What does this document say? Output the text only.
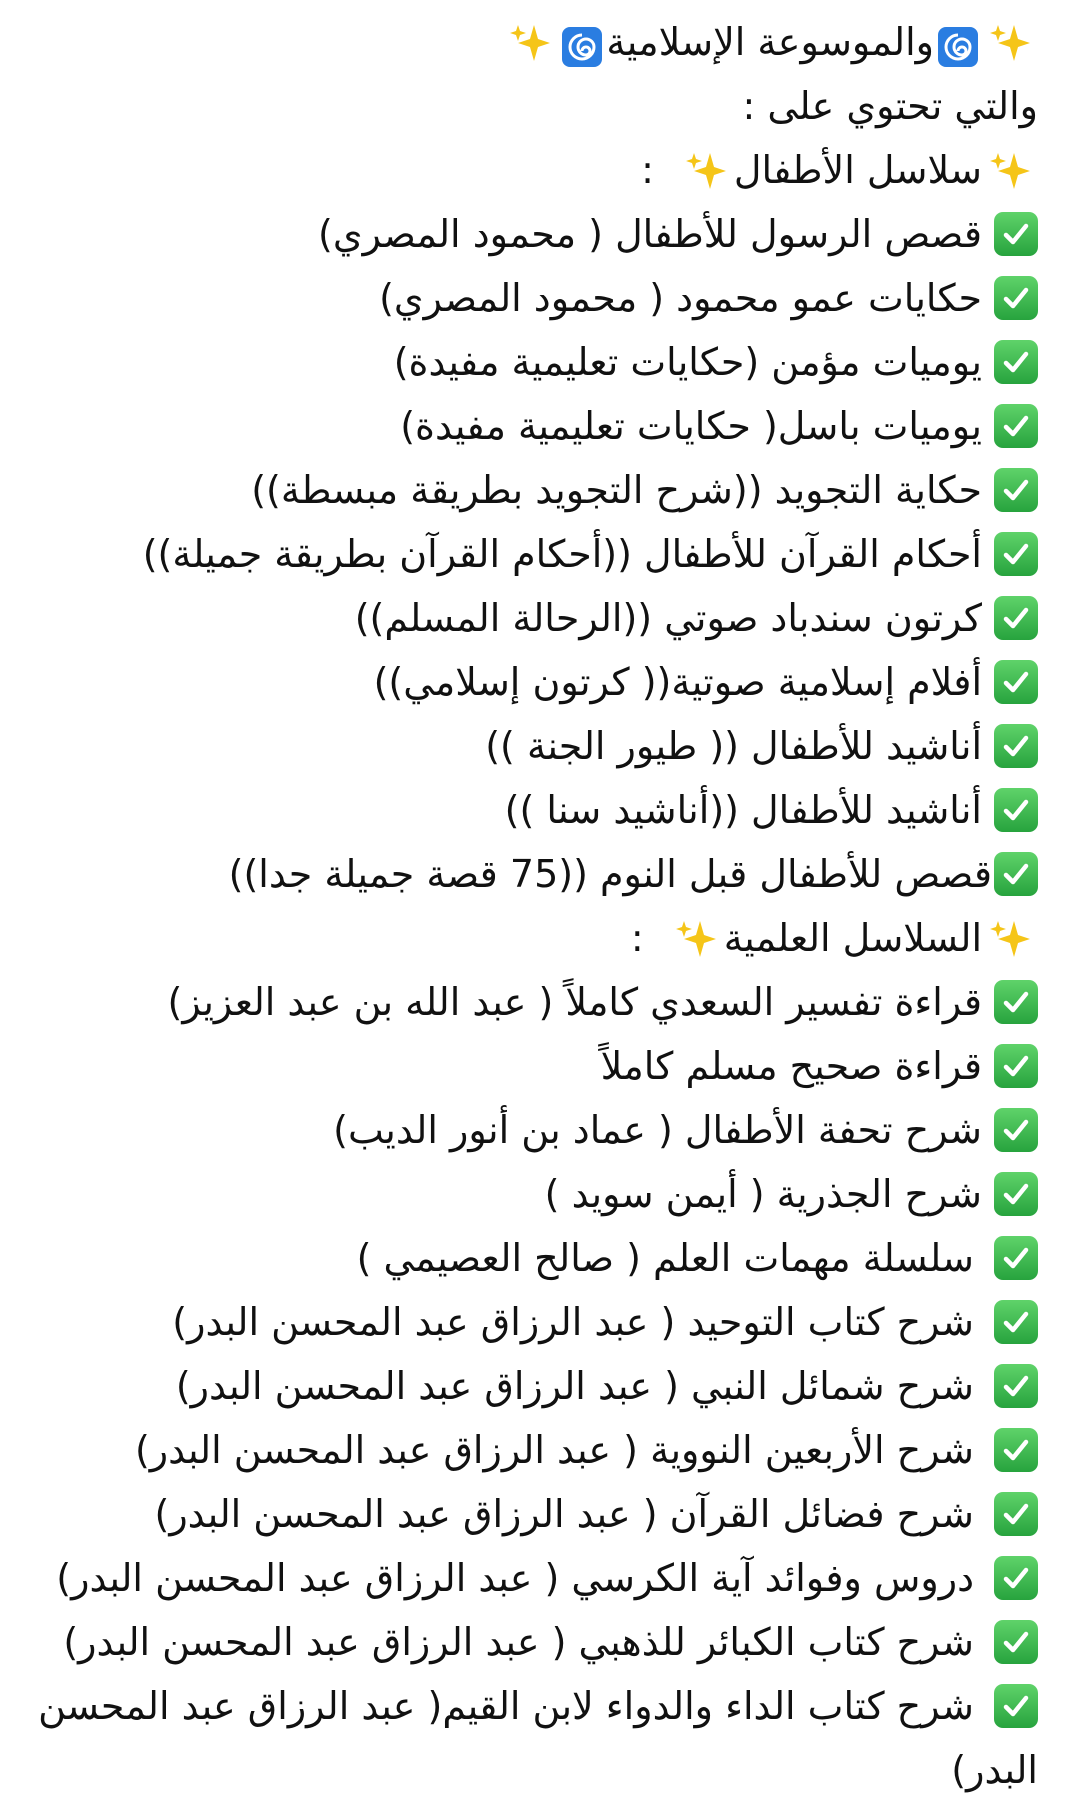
والموسوعة الإسلامية
والتي تحتوي على :
سلاسل الأطفال
:
قصص الرسول للأطفال ( محمود المصري)
حكايات عمو محمود ( محمود المصري)
يوميات مؤمن (حكايات تعليمية مفيدة)
يوميات باسل( حكايات تعليمية مفيدة)
حكاية التجويد ((شرح التجويد بطريقة مبسطة))
أحكام القرآن للأطفال ((أحكام القرآن بطريقة جميلة))
كرتون سندباد صوتي ((الرحالة المسلم))
أفلام إسلامية صوتية(( كرتون إسلامي))
أناشيد للأطفال (( طيور الجنة ))
أناشيد للأطفال ((أناشيد سنا ))
قصص للأطفال قبل النوم ((75 قصة جميلة جدا))
السلاسل العلمية
:
قراءة تفسير السعدي كاملاً ( عبد الله بن عبد العزيز)
قراءة صحيح مسلم كاملاً
شرح تحفة الأطفال ( عماد بن أنور الديب)
شرح الجذرية ( أيمن سويد )
سلسلة مهمات العلم ( صالح العصيمي )
شرح كتاب التوحيد ( عبد الرزاق عبد المحسن البدر)
شرح شمائل النبي ( عبد الرزاق عبد المحسن البدر)
شرح الأربعين النووية ( عبد الرزاق عبد المحسن البدر)
شرح فضائل القرآن ( عبد الرزاق عبد المحسن البدر)
دروس وفوائد آية الكرسي ( عبد الرزاق عبد المحسن البدر)
شرح كتاب الكبائر للذهبي ( عبد الرزاق عبد المحسن البدر)
شرح كتاب الداء والدواء لابن القيم( عبد الرزاق عبد المحسن
البدر)
